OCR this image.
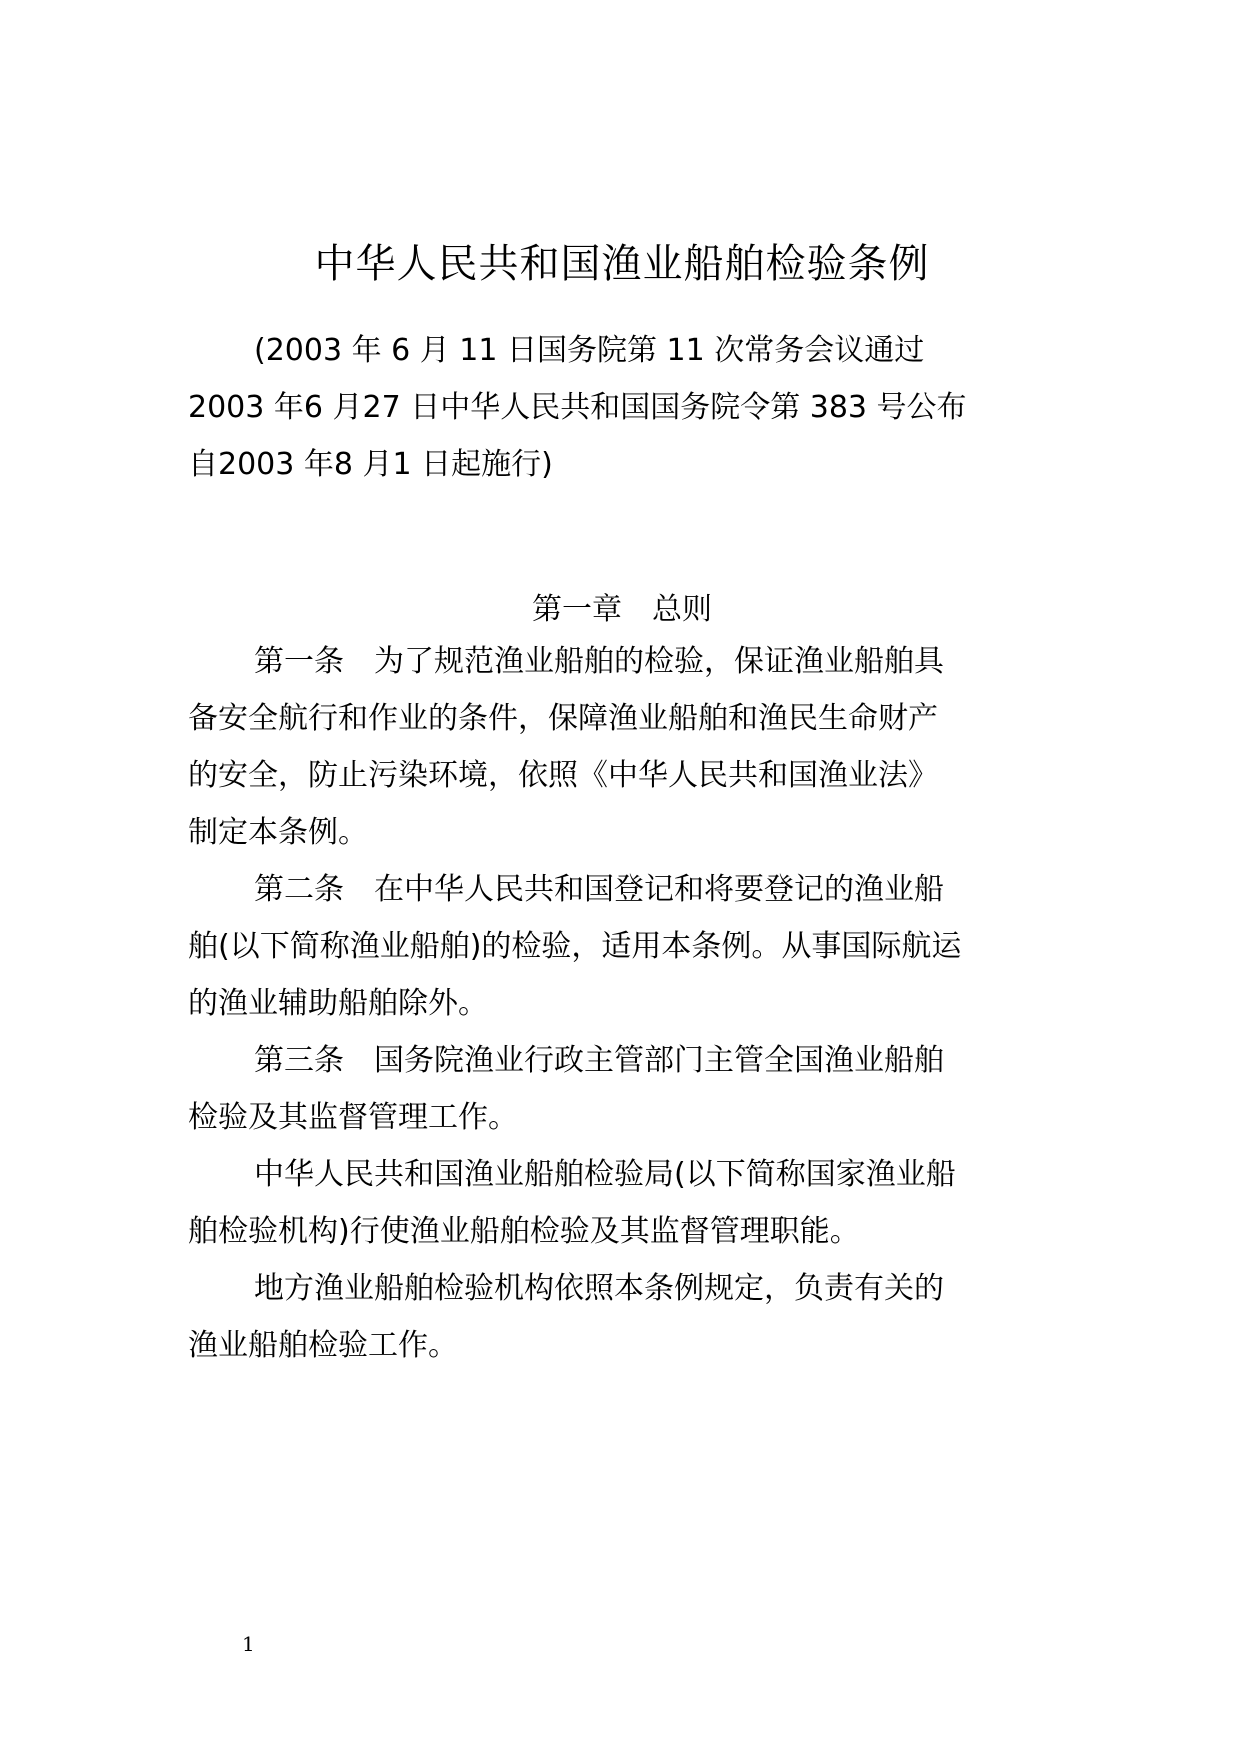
中华人民共和国渔业船舶检验条例
(2003 年 6 月 11 日国务院第 11 次常务会议通过
2003 年6 月27 日中华人民共和国国务院令第 383 号公布
自2003 年8 月1 日起施行)
第一章　总则
第一条　为了规范渔业船舶的检验，保证渔业船舶具
备安全航行和作业的条件，保障渔业船舶和渔民生命财产
的安全，防止污染环境，依照《中华人民共和国渔业法》
制定本条例。
第二条　在中华人民共和国登记和将要登记的渔业船
舶(以下简称渔业船舶)的检验，适用本条例。从事国际航运
的渔业辅助船舶除外。
第三条　国务院渔业行政主管部门主管全国渔业船舶
检验及其监督管理工作。
中华人民共和国渔业船舶检验局(以下简称国家渔业船
舶检验机构)行使渔业船舶检验及其监督管理职能。
地方渔业船舶检验机构依照本条例规定，负责有关的
渔业船舶检验工作。
1
